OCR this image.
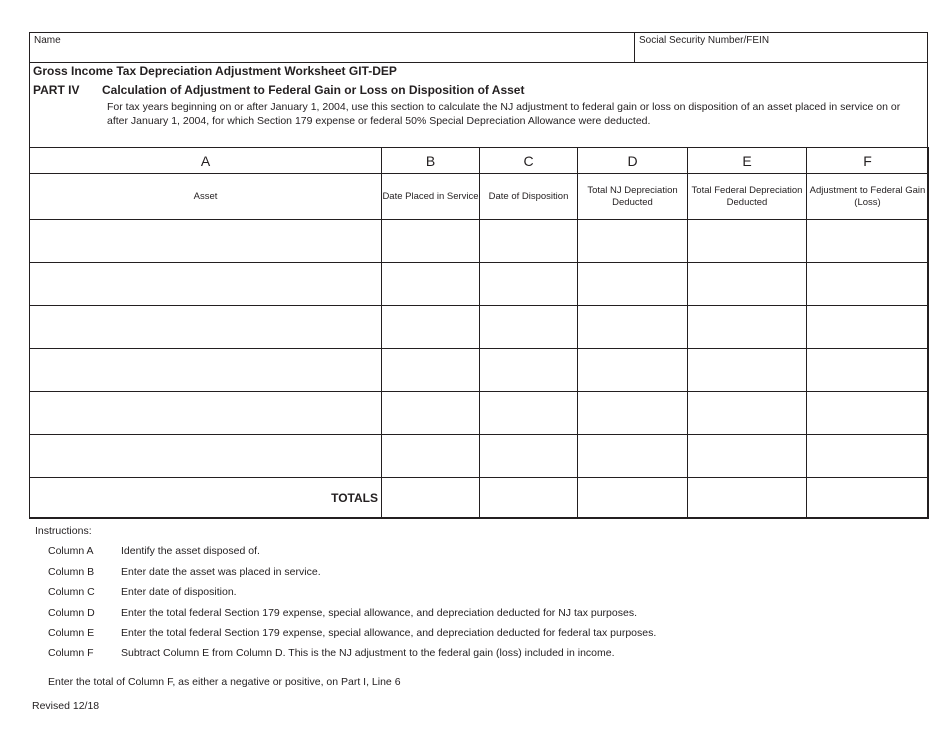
Name	Social Security Number/FEIN
Gross Income Tax Depreciation Adjustment Worksheet GIT-DEP
PART IV Calculation of Adjustment to Federal Gain or Loss on Disposition of Asset
For tax years beginning on or after January 1, 2004, use this section to calculate the NJ adjustment to federal gain or loss on disposition of an asset placed in service on or after January 1, 2004, for which Section 179 expense or federal 50% Special Depreciation Allowance were deducted.
A	B	C	D	E	F
Asset	Date Placed in Service	Date of Disposition	Total NJ Depreciation Deducted	Total Federal Depreciation Deducted	Adjustment to Federal Gain (Loss)

TOTALS					
Instructions:
Column A	Identify the asset disposed of.
Column B	Enter date the asset was placed in service.
Column C	Enter date of disposition.
Column D	Enter the total federal Section 179 expense, special allowance, and depreciation deducted for NJ tax purposes.
Column E	Enter the total federal Section 179 expense, special allowance, and depreciation deducted for federal tax purposes.
Column F	Subtract Column E from Column D. This is the NJ adjustment to the federal gain (loss) included in income.
Enter the total of Column F, as either a negative or positive, on Part I, Line 6
Revised 12/18
